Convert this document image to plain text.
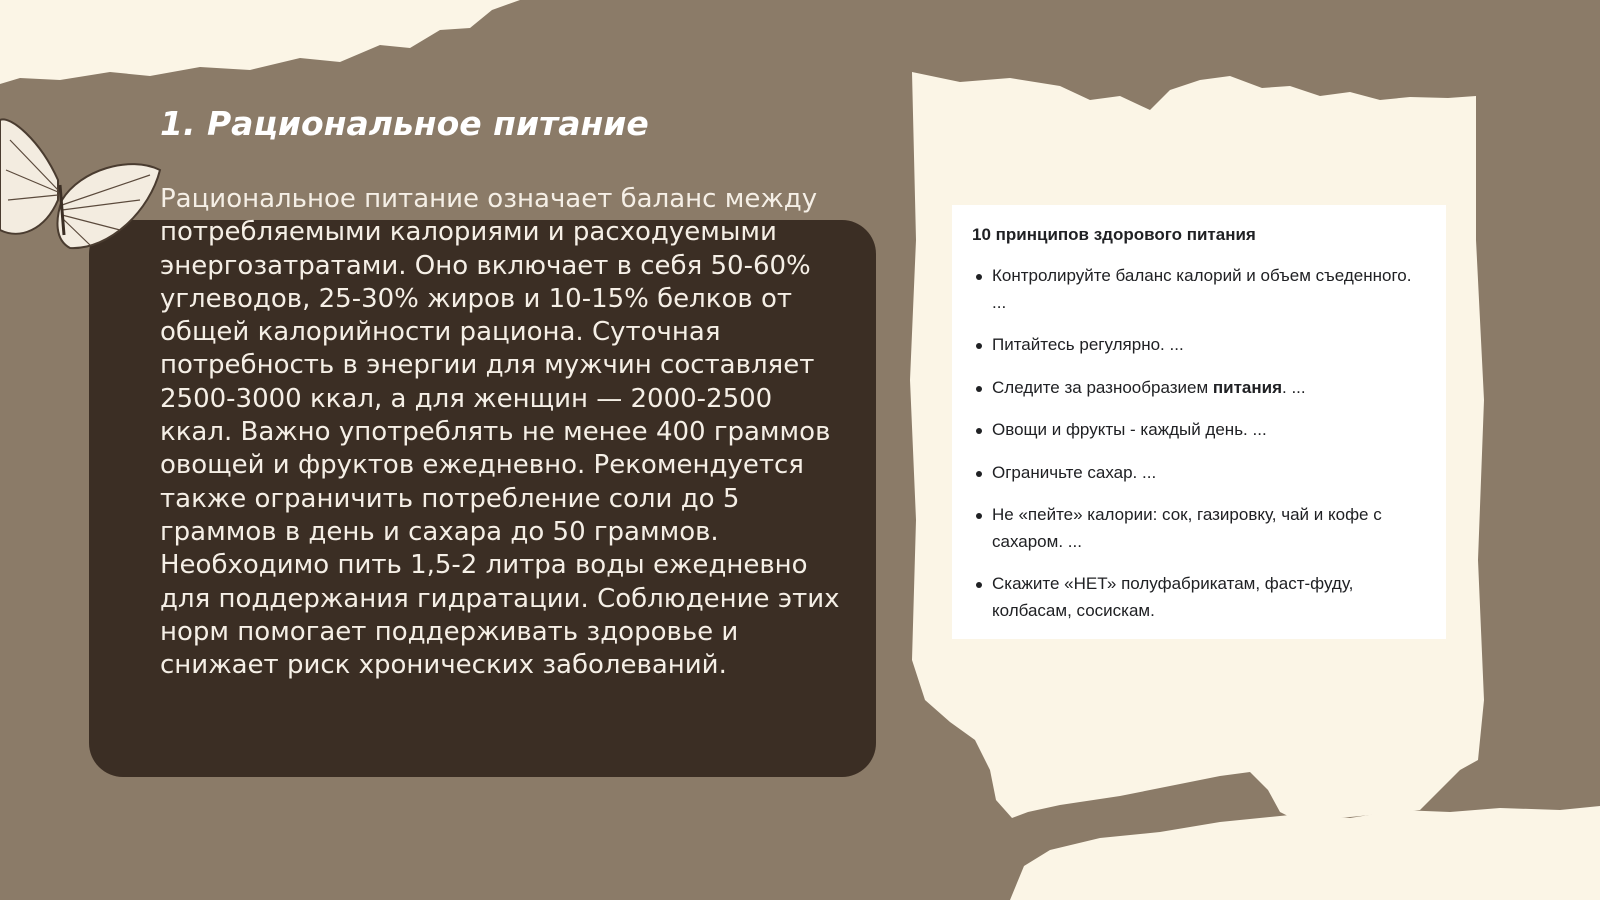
1. Рациональное питание

Рациональное питание означает баланс между потребляемыми калориями и расходуемыми энергозатратами. Оно включает в себя 50-60% углеводов, 25-30% жиров и 10-15% белков от общей калорийности рациона. Суточная потребность в энергии для мужчин составляет 2500-3000 ккал, а для женщин — 2000-2500 ккал. Важно употреблять не менее 400 граммов овощей и фруктов ежедневно. Рекомендуется также ограничить потребление соли до 5 граммов в день и сахара до 50 граммов. Необходимо пить 1,5-2 литра воды ежедневно для поддержания гидратации. Соблюдение этих норм помогает поддерживать здоровье и снижает риск хронических заболеваний.

10 принципов здорового питания
Контролируйте баланс калорий и объем съеденного. ...
Питайтесь регулярно. ...
Следите за разнообразием питания. ...
Овощи и фрукты - каждый день. ...
Ограничьте сахар. ...
Не «пейте» калории: сок, газировку, чай и кофе с сахаром. ...
Скажите «НЕТ» полуфабрикатам, фаст-фуду, колбасам, сосискам.
